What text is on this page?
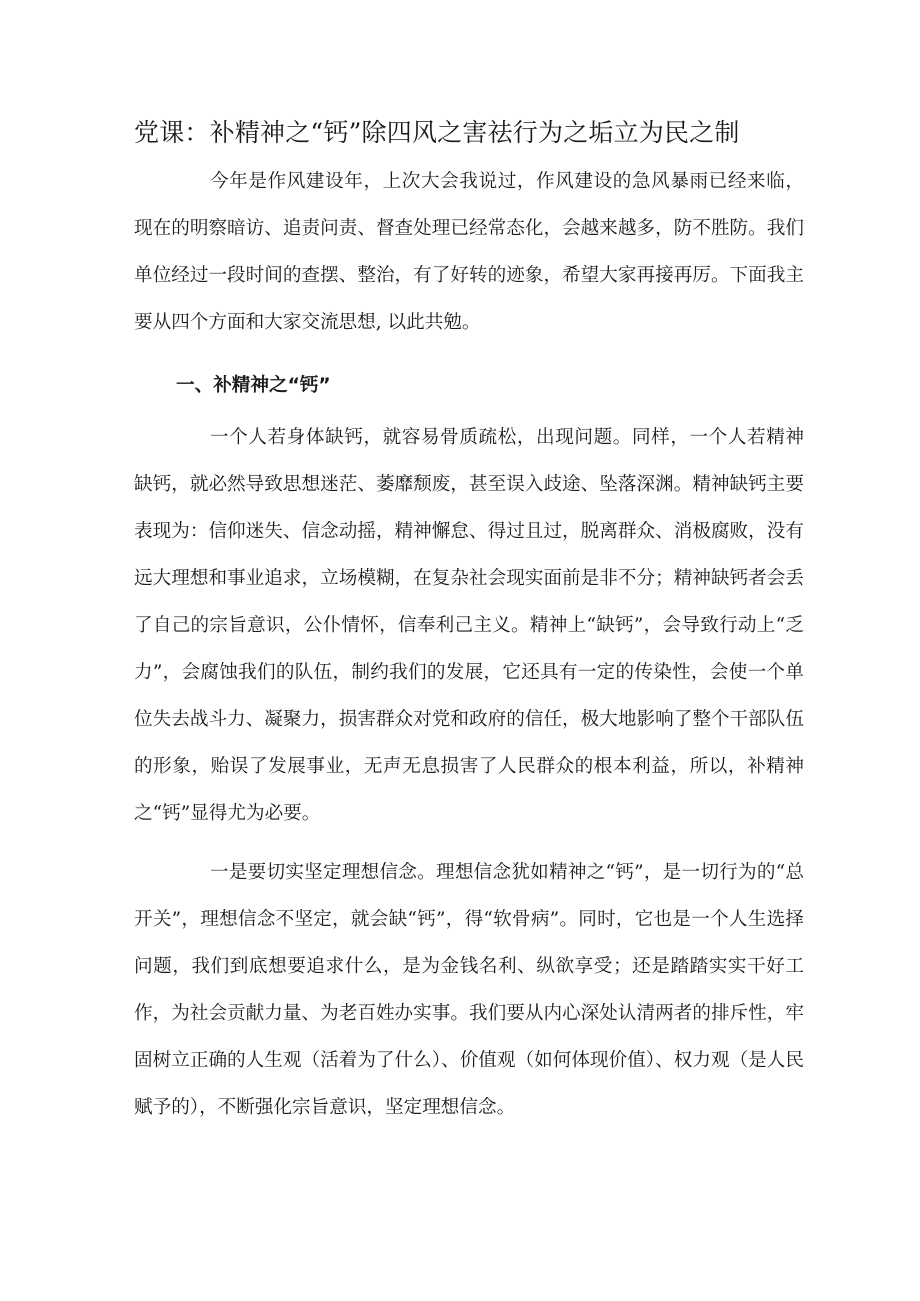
党课：补精神之“钙”除四风之害祛行为之垢立为民之制

今年是作风建设年，上次大会我说过，作风建设的急风暴雨已经来临，现在的明察暗访、追责问责、督查处理已经常态化，会越来越多，防不胜防。我们单位经过一段时间的查摆、整治，有了好转的迹象，希望大家再接再厉。下面我主要从四个方面和大家交流思想, 以此共勉。

一、补精神之“钙”

一个人若身体缺钙，就容易骨质疏松，出现问题。同样，一个人若精神缺钙，就必然导致思想迷茫、萎靡颓废，甚至误入歧途、坠落深渊。精神缺钙主要表现为：信仰迷失、信念动摇，精神懈怠、得过且过，脱离群众、消极腐败，没有远大理想和事业追求，立场模糊，在复杂社会现实面前是非不分；精神缺钙者会丢了自己的宗旨意识，公仆情怀，信奉利己主义。精神上“缺钙”，会导致行动上“乏力”，会腐蚀我们的队伍，制约我们的发展，它还具有一定的传染性，会使一个单位失去战斗力、凝聚力，损害群众对党和政府的信任，极大地影响了整个干部队伍的形象，贻误了发展事业，无声无息损害了人民群众的根本利益，所以，补精神之“钙”显得尤为必要。

一是要切实坚定理想信念。理想信念犹如精神之“钙”，是一切行为的“总开关”，理想信念不坚定，就会缺“钙”，得“软骨病”。同时，它也是一个人生选择问题，我们到底想要追求什么，是为金钱名利、纵欲享受；还是踏踏实实干好工作，为社会贡献力量、为老百姓办实事。我们要从内心深处认清两者的排斥性，牢固树立正确的人生观（活着为了什么）、价值观（如何体现价值）、权力观（是人民赋予的），不断强化宗旨意识，坚定理想信念。
